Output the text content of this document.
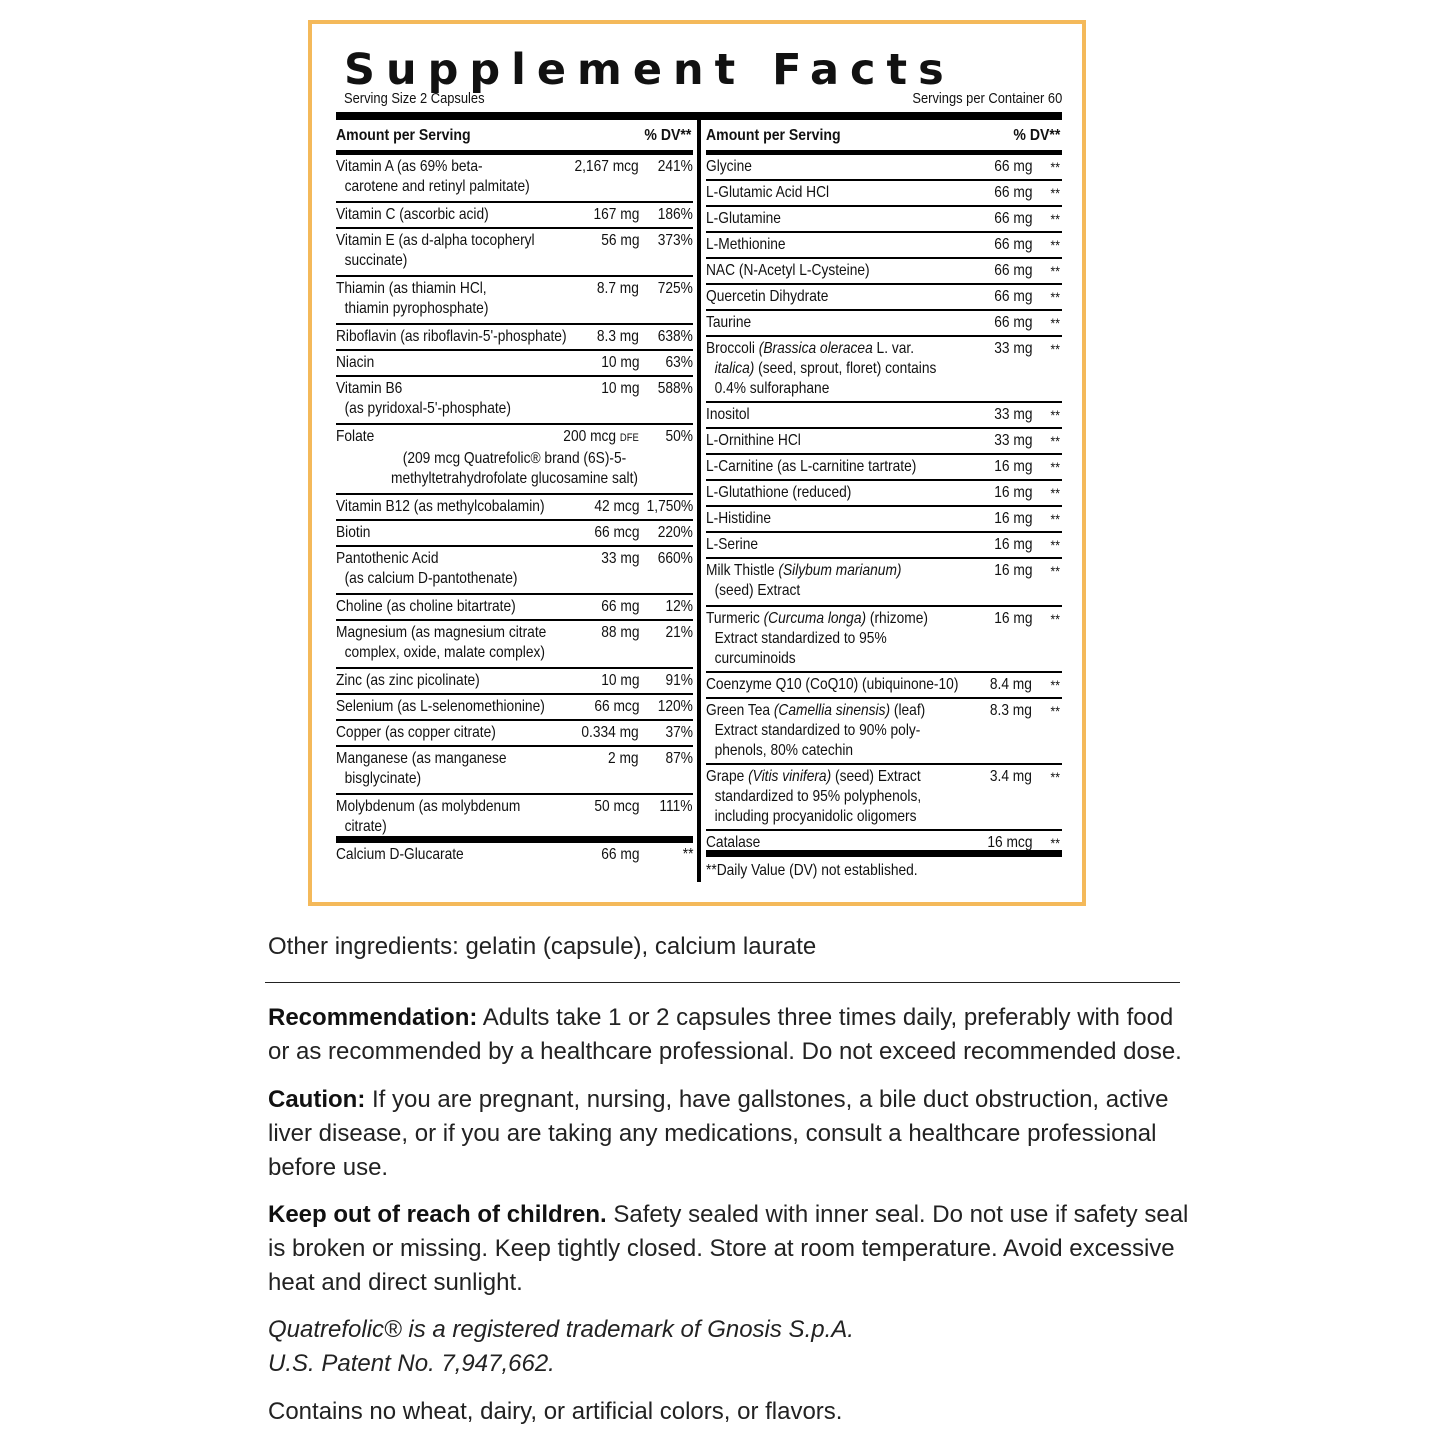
Supplement Facts
Serving Size 2 Capsules	Servings per Container 60
Amount per Serving	% DV**
Vitamin A (as 69% beta-
carotene and retinyl palmitate)
2,167 mcg 241%
Vitamin C (ascorbic acid)	167 mg 186%
Vitamin E (as d-alpha tocopheryl
succinate)
56 mg 373%
Thiamin (as thiamin HCl,
thiamin pyrophosphate)
8.7 mg 725%
Riboflavin (as riboflavin-5'-phosphate) 8.3 mg 638%
Niacin	10 mg 63%
Vitamin B6
(as pyridoxal-5'-phosphate)
10 mg 588%
Folate	200 mcg DFE 50%
(209 mcg Quatrefolic® brand (6S)-5-
methyltetrahydrofolate glucosamine salt)
Vitamin B12 (as methylcobalamin)	42 mcg 1,750%
Biotin	66 mcg 220%
Pantothenic Acid
(as calcium D-pantothenate)
33 mg 660%
Choline (as choline bitartrate)	66 mg 12%
Magnesium (as magnesium citrate
complex, oxide, malate complex)
88 mg 21%
Zinc (as zinc picolinate)	10 mg 91%
Selenium (as L-selenomethionine)	66 mcg 120%
Copper (as copper citrate)	0.334 mg 37%
Manganese (as manganese
bisglycinate)
2 mg 87%
Molybdenum (as molybdenum
citrate)
50 mcg 111%
Calcium D-Glucarate	66 mg	**
Amount per Serving	% DV**
Glycine	66 mg **
L-Glutamic Acid HCl	66 mg **
L-Glutamine	66 mg **
L-Methionine	66 mg **
NAC (N-Acetyl L-Cysteine)	66 mg **
Quercetin Dihydrate	66 mg **
Taurine	66 mg **
Broccoli (Brassica oleracea L. var.
italica) (seed, sprout, floret) contains
0.4% sulforaphane
33 mg **
Inositol	33 mg **
L-Ornithine HCl	33 mg **
L-Carnitine (as L-carnitine tartrate)	16 mg **
L-Glutathione (reduced)	16 mg **
L-Histidine	16 mg **
L-Serine	16 mg **
Milk Thistle (Silybum marianum)
(seed) Extract
16 mg **
Turmeric (Curcuma longa) (rhizome)
Extract standardized to 95%
curcuminoids
16 mg **
Coenzyme Q10 (CoQ10) (ubiquinone-10) 8.4 mg **
Green Tea (Camellia sinensis) (leaf)
Extract standardized to 90% poly-
phenols, 80% catechin
8.3 mg **
Grape (Vitis vinifera) (seed) Extract
standardized to 95% polyphenols,
including procyanidolic oligomers
3.4 mg **
Catalase	16 mcg **
**Daily Value (DV) not established.
Other ingredients: gelatin (capsule), calcium laurate
Recommendation: Adults take 1 or 2 capsules three times daily, preferably with food
or as recommended by a healthcare professional. Do not exceed recommended dose.
Caution: If you are pregnant, nursing, have gallstones, a bile duct obstruction, active
liver disease, or if you are taking any medications, consult a healthcare professional
before use.
Keep out of reach of children. Safety sealed with inner seal. Do not use if safety seal
is broken or missing. Keep tightly closed. Store at room temperature. Avoid excessive
heat and direct sunlight.
Quatrefolic® is a registered trademark of Gnosis S.p.A.
U.S. Patent No. 7,947,662.
Contains no wheat, dairy, or artificial colors, or flavors.
